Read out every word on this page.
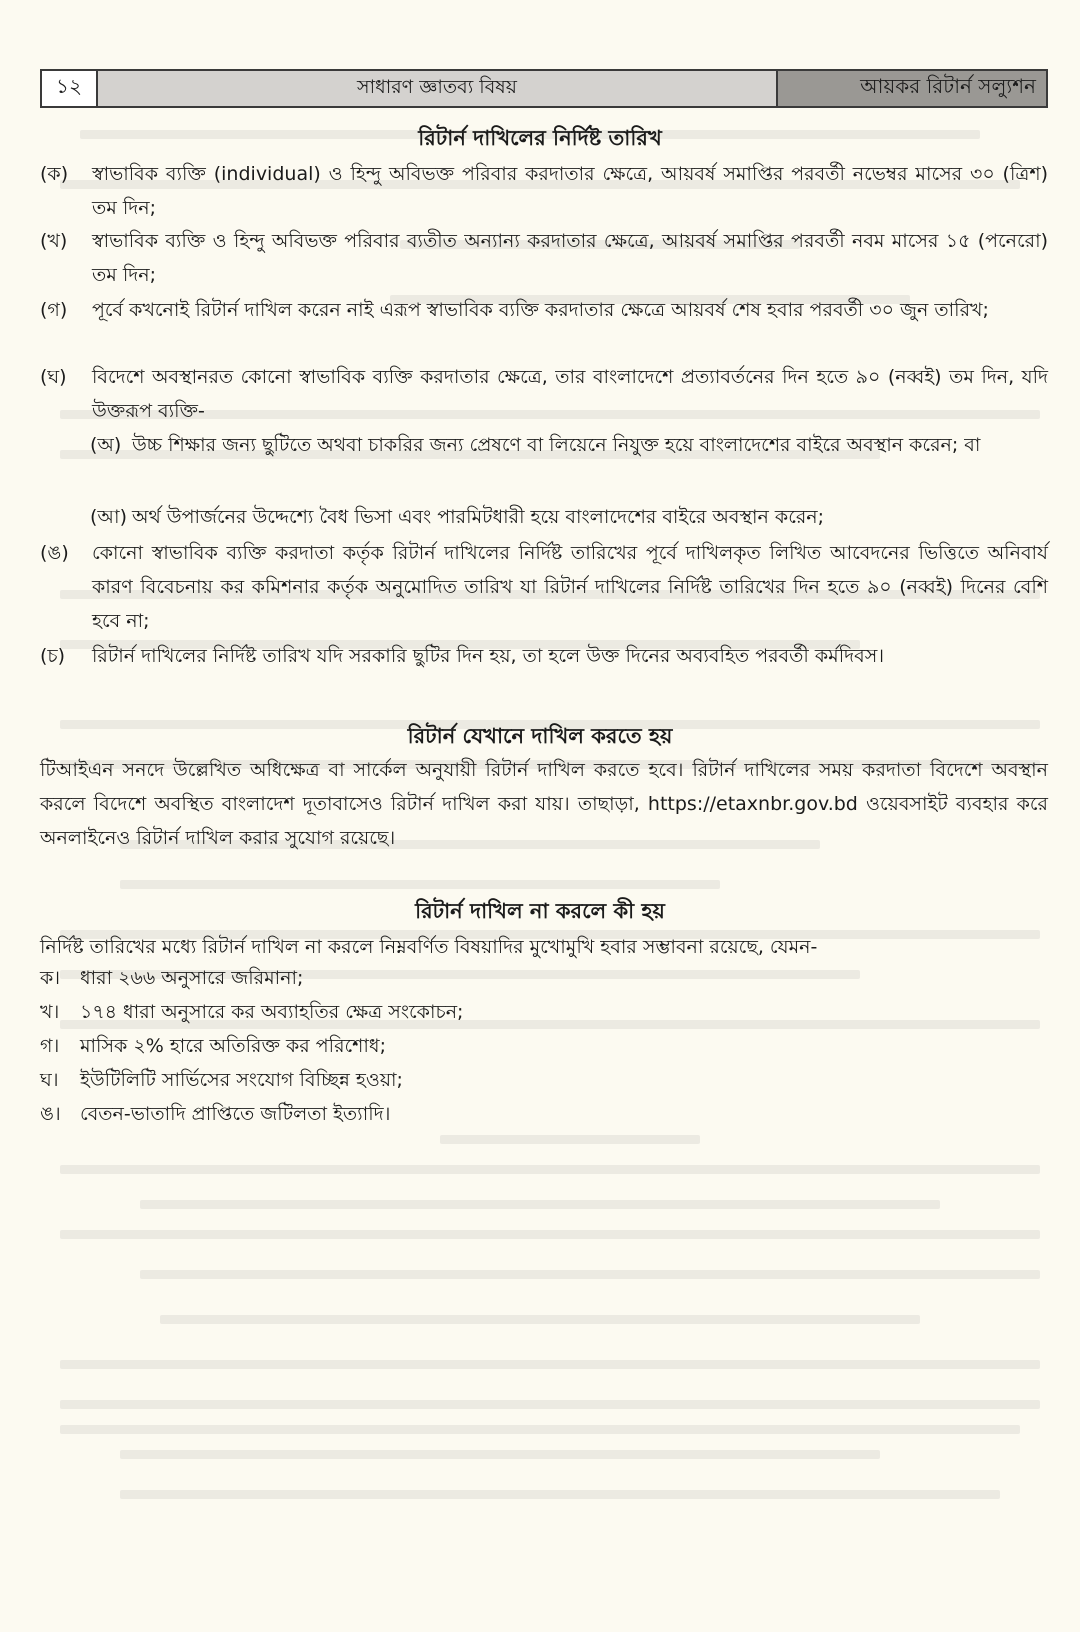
১২	সাধারণ জ্ঞাতব্য বিষয়	আয়কর রিটার্ন সল্যুশন
রিটার্ন দাখিলের নির্দিষ্ট তারিখ
(ক)	স্বাভাবিক ব্যক্তি (individual) ও হিন্দু অবিভক্ত পরিবার করদাতার ক্ষেত্রে, আয়বর্ষ সমাপ্তির পরবর্তী নভেম্বর মাসের ৩০ (ত্রিশ) তম দিন;
(খ)	স্বাভাবিক ব্যক্তি ও হিন্দু অবিভক্ত পরিবার ব্যতীত অন্যান্য করদাতার ক্ষেত্রে, আয়বর্ষ সমাপ্তির পরবর্তী নবম মাসের ১৫ (পনেরো) তম দিন;
(গ)	পূর্বে কখনোই রিটার্ন দাখিল করেন নাই এরূপ স্বাভাবিক ব্যক্তি করদাতার ক্ষেত্রে আয়বর্ষ শেষ হবার পরবর্তী ৩০ জুন তারিখ;
(ঘ)	বিদেশে অবস্থানরত কোনো স্বাভাবিক ব্যক্তি করদাতার ক্ষেত্রে, তার বাংলাদেশে প্রত্যাবর্তনের দিন হতে ৯০ (নব্বই) তম দিন, যদি উক্তরূপ ব্যক্তি-
(অ) উচ্চ শিক্ষার জন্য ছুটিতে অথবা চাকরির জন্য প্রেষণে বা লিয়েনে নিযুক্ত হয়ে বাংলাদেশের বাইরে অবস্থান করেন; বা
(আ) অর্থ উপার্জনের উদ্দেশ্যে বৈধ ভিসা এবং পারমিটধারী হয়ে বাংলাদেশের বাইরে অবস্থান করেন;
(ঙ)	কোনো স্বাভাবিক ব্যক্তি করদাতা কর্তৃক রিটার্ন দাখিলের নির্দিষ্ট তারিখের পূর্বে দাখিলকৃত লিখিত আবেদনের ভিত্তিতে অনিবার্য কারণ বিবেচনায় কর কমিশনার কর্তৃক অনুমোদিত তারিখ যা রিটার্ন দাখিলের নির্দিষ্ট তারিখের দিন হতে ৯০ (নব্বই) দিনের বেশি হবে না;
(চ)	রিটার্ন দাখিলের নির্দিষ্ট তারিখ যদি সরকারি ছুটির দিন হয়, তা হলে উক্ত দিনের অব্যবহিত পরবর্তী কর্মদিবস।
রিটার্ন যেখানে দাখিল করতে হয়
টিআইএন সনদে উল্লেখিত অধিক্ষেত্র বা সার্কেল অনুযায়ী রিটার্ন দাখিল করতে হবে। রিটার্ন দাখিলের সময় করদাতা বিদেশে অবস্থান করলে বিদেশে অবস্থিত বাংলাদেশ দূতাবাসেও রিটার্ন দাখিল করা যায়। তাছাড়া, https://etaxnbr.gov.bd ওয়েবসাইট ব্যবহার করে অনলাইনেও রিটার্ন দাখিল করার সুযোগ রয়েছে।
রিটার্ন দাখিল না করলে কী হয়
নির্দিষ্ট তারিখের মধ্যে রিটার্ন দাখিল না করলে নিম্নবর্ণিত বিষয়াদির মুখোমুখি হবার সম্ভাবনা রয়েছে, যেমন-
ক।	ধারা ২৬৬ অনুসারে জরিমানা;
খ।	১৭৪ ধারা অনুসারে কর অব্যাহতির ক্ষেত্র সংকোচন;
গ।	মাসিক ২% হারে অতিরিক্ত কর পরিশোধ;
ঘ।	ইউটিলিটি সার্ভিসের সংযোগ বিচ্ছিন্ন হওয়া;
ঙ।	বেতন-ভাতাদি প্রাপ্তিতে জটিলতা ইত্যাদি।
